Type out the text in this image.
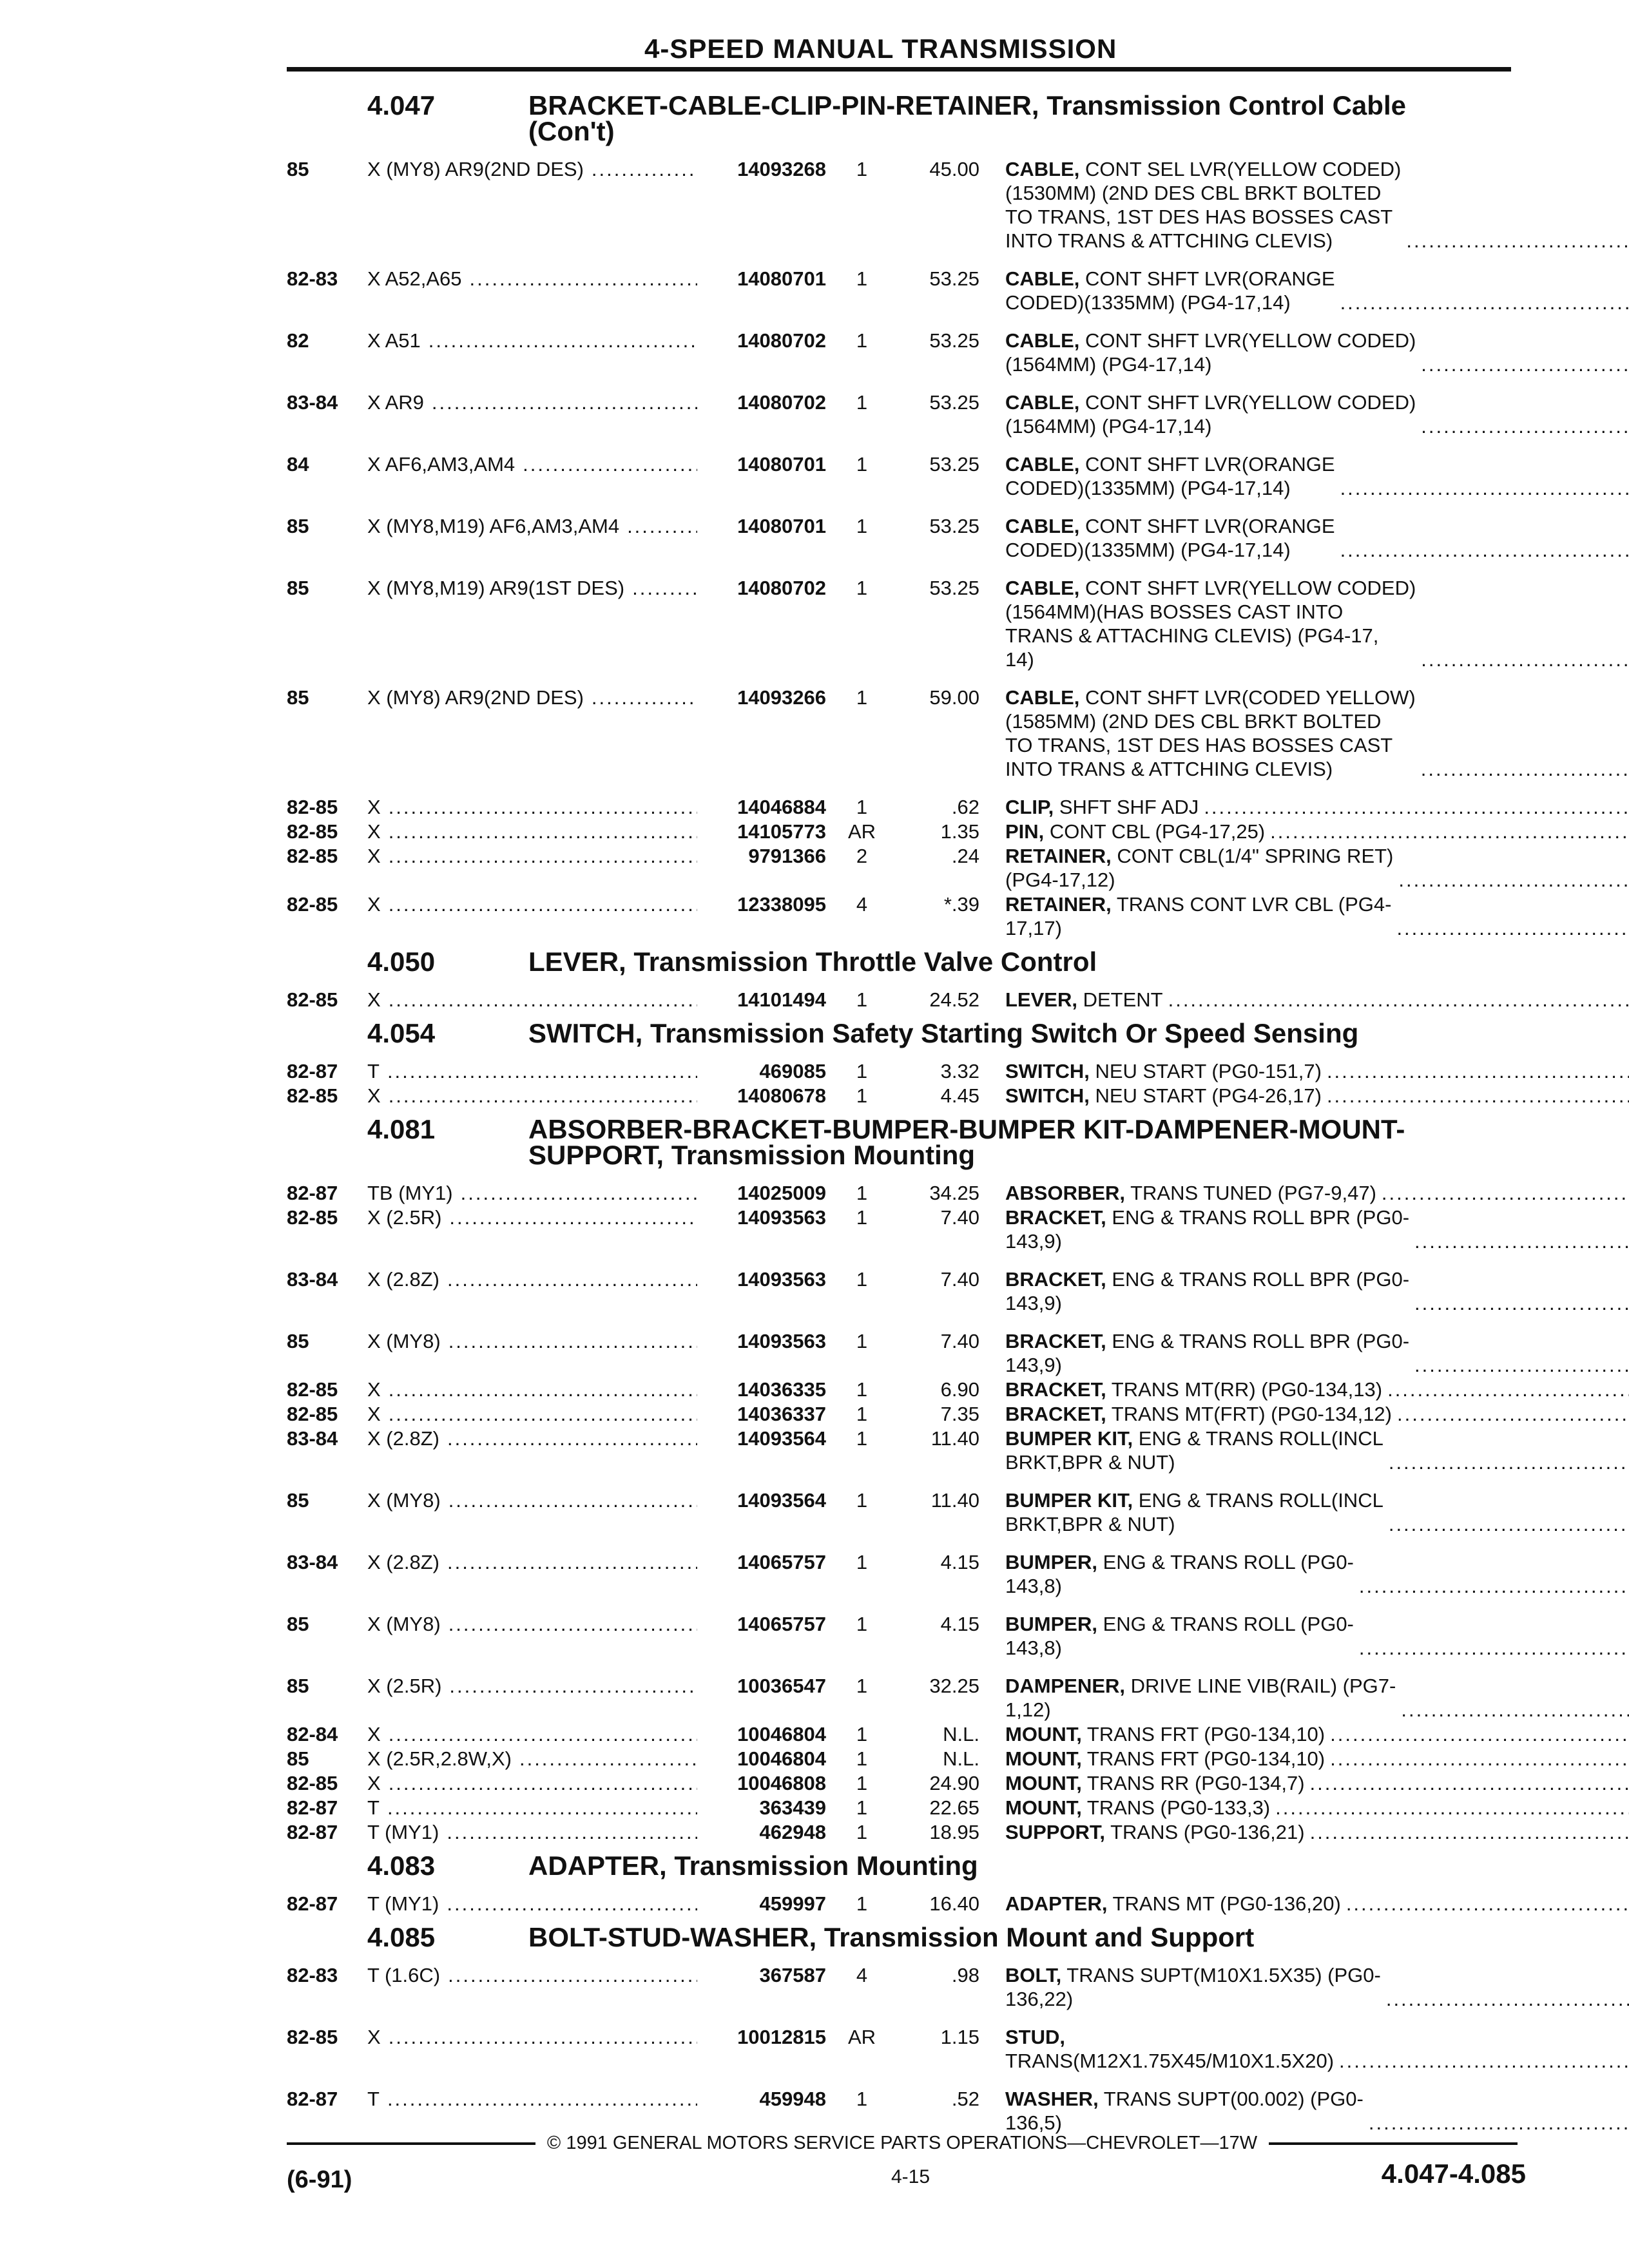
4-SPEED MANUAL TRANSMISSION
4.047	BRACKET-CABLE-CLIP-PIN-RETAINER, Transmission Control Cable
(Con't)
85	X (MY8) AR9(2ND DES) .....	14093268	1	45.00 CABLE, CONT SEL LVR(YELLOW CODED)
(1530MM) (2ND DES CBL BRKT BOLTED
TO TRANS, 1ST DES HAS BOSSES CAST
INTO TRANS & ATTCHING CLEVIS)
.....
82-83	X A52,A65 .....	14080701	1	53.25 CABLE, CONT SHFT LVR(ORANGE
CODED)(1335MM) (PG4-17,14)
.....
82	X A51 .....	14080702	1	53.25 CABLE, CONT SHFT LVR(YELLOW CODED)
(1564MM) (PG4-17,14)
.....
83-84	X AR9 .....	14080702	1	53.25 CABLE, CONT SHFT LVR(YELLOW CODED)
(1564MM) (PG4-17,14)
.....
84	X AF6,AM3,AM4 .....	14080701	1	53.25 CABLE, CONT SHFT LVR(ORANGE
CODED)(1335MM) (PG4-17,14)
.....
85	X (MY8,M19) AF6,AM3,AM4 .....	14080701	1	53.25 CABLE, CONT SHFT LVR(ORANGE
CODED)(1335MM) (PG4-17,14)
.....
85	X (MY8,M19) AR9(1ST DES) .....	14080702	1	53.25 CABLE, CONT SHFT LVR(YELLOW CODED)
(1564MM)(HAS BOSSES CAST INTO
TRANS & ATTACHING CLEVIS) (PG4-17,
14)
.....
85	X (MY8) AR9(2ND DES) .....	14093266	1	59.00 CABLE, CONT SHFT LVR(CODED YELLOW)
(1585MM) (2ND DES CBL BRKT BOLTED
TO TRANS, 1ST DES HAS BOSSES CAST
INTO TRANS & ATTCHING CLEVIS)
.....
82-85	X .....	14046884	1	.62 CLIP, SHFT SHF ADJ
.....
82-85	X .....	14105773	AR	1.35 PIN, CONT CBL (PG4-17,25)
.....
82-85	X .....	9791366	2	.24 RETAINER, CONT CBL(1/4" SPRING RET)
(PG4-17,12)
.....
82-85	X .....	12338095	4	*.39 RETAINER, TRANS CONT LVR CBL (PG4-
17,17)
.....
4.050	LEVER, Transmission Throttle Valve Control
82-85	X .....	14101494	1	24.52 LEVER, DETENT
.....
4.054	SWITCH, Transmission Safety Starting Switch Or Speed Sensing
82-87	T .....	469085	1	3.32 SWITCH, NEU START (PG0-151,7)
.....
82-85	X .....	14080678	1	4.45 SWITCH, NEU START (PG4-26,17)
.....
4.081	ABSORBER-BRACKET-BUMPER-BUMPER KIT-DAMPENER-MOUNT-SUPPORT, Transmission Mounting
82-87	TB (MY1) .....	14025009	1	34.25 ABSORBER, TRANS TUNED (PG7-9,47)
.....
82-85	X (2.5R) .....	14093563	1	7.40 BRACKET, ENG & TRANS ROLL BPR (PG0-
143,9)
.....
83-84	X (2.8Z) .....	14093563	1	7.40 BRACKET, ENG & TRANS ROLL BPR (PG0-
143,9)
.....
85	X (MY8) .....	14093563	1	7.40 BRACKET, ENG & TRANS ROLL BPR (PG0-
143,9)
.....
82-85	X .....	14036335	1	6.90 BRACKET, TRANS MT(RR) (PG0-134,13)
.....
82-85	X .....	14036337	1	7.35 BRACKET, TRANS MT(FRT) (PG0-134,12)
.....
83-84	X (2.8Z) .....	14093564	1	11.40 BUMPER KIT, ENG & TRANS ROLL(INCL
BRKT,BPR & NUT)
.....
85	X (MY8) .....	14093564	1	11.40 BUMPER KIT, ENG & TRANS ROLL(INCL
BRKT,BPR & NUT)
.....
83-84	X (2.8Z) .....	14065757	1	4.15 BUMPER, ENG & TRANS ROLL (PG0-
143,8)
.....
85	X (MY8) .....	14065757	1	4.15 BUMPER, ENG & TRANS ROLL (PG0-
143,8)
.....
85	X (2.5R) .....	10036547	1	32.25 DAMPENER, DRIVE LINE VIB(RAIL) (PG7-
1,12)
.....
82-84	X .....	10046804	1	N.L. MOUNT, TRANS FRT (PG0-134,10)
.....
85	X (2.5R,2.8W,X) .....	10046804	1	N.L. MOUNT, TRANS FRT (PG0-134,10)
.....
82-85	X .....	10046808	1	24.90 MOUNT, TRANS RR (PG0-134,7)
.....
82-87	T .....	363439	1	22.65 MOUNT, TRANS (PG0-133,3)
.....
82-87	T (MY1) .....	462948	1	18.95 SUPPORT, TRANS (PG0-136,21)
.....
4.083	ADAPTER, Transmission Mounting
82-87	T (MY1) .....	459997	1	16.40 ADAPTER, TRANS MT (PG0-136,20)
.....
4.085	BOLT-STUD-WASHER, Transmission Mount and Support
82-83	T (1.6C) .....	367587	4	.98 BOLT, TRANS SUPT(M10X1.5X35) (PG0-
136,22)
.....
82-85	X .....	10012815	AR	1.15 STUD,
TRANS(M12X1.75X45/M10X1.5X20)
.....
82-87	T .....	459948	1	.52 WASHER, TRANS SUPT(00.002) (PG0-
136,5)
.....
© 1991 GENERAL MOTORS SERVICE PARTS OPERATIONS—CHEVROLET—17W
(6-91)	4-15	4.047-4.085
